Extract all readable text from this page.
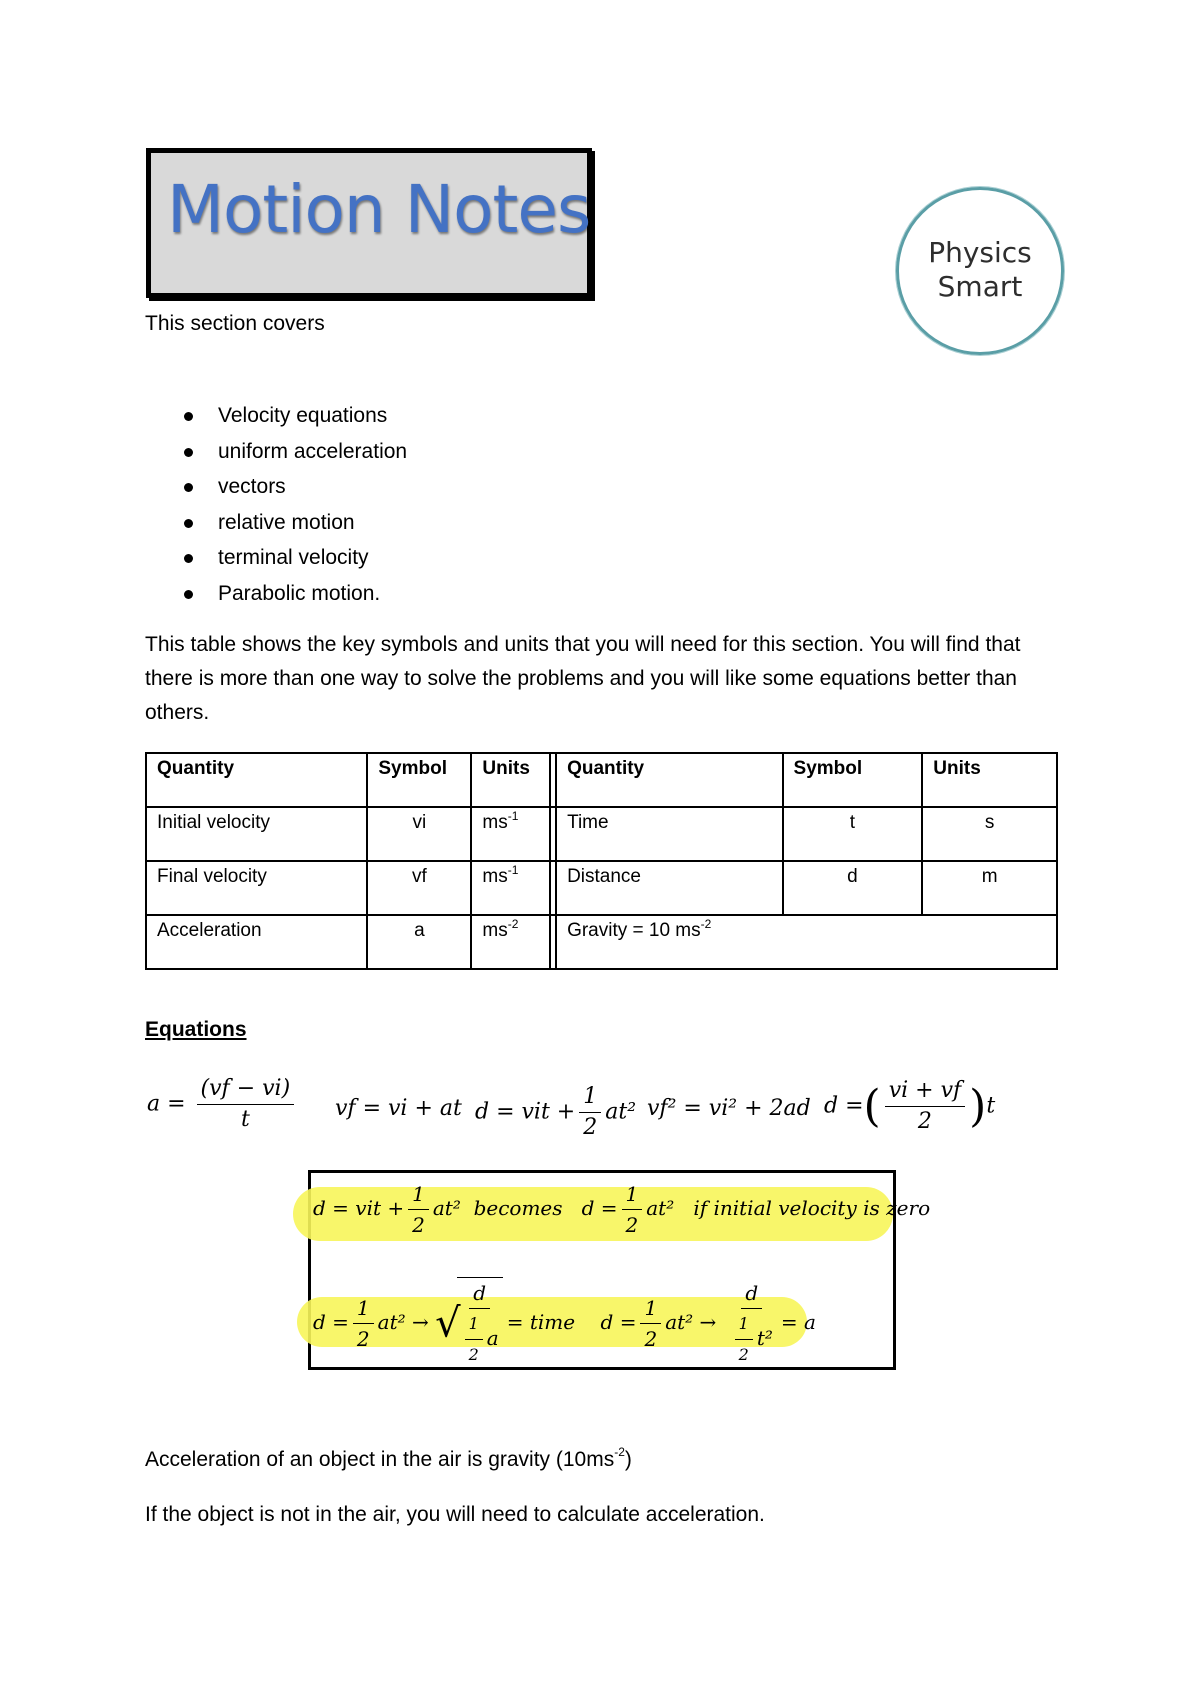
Motion Notes
Physics
Smart
This section covers
Velocity equations
uniform acceleration
vectors
relative motion
terminal velocity
Parabolic motion.
This table shows the key symbols and units that you will need for this section. You will find that there is more than one way to solve the problems and you will like some equations better than others.
Quantity	Symbol	Units		Quantity	Symbol	Units
Initial velocity	vi	$ms^{-1}$		Time	t	s
Final velocity	vf	$ms^{-1}$		Distance	d	m
Acceleration	a	$ms^{-2}$		Gravity = 10 $ms^{-2}$
Equations
$a = \frac{(vf - vi)}{t}$ vf = vi + at d = vit + $\frac{1}{2} at^2$ vf² = vi² + 2ad d =( $\frac{vi + vf}{2} )t$
d = vit + $\frac{1}{2} at^2$ becomes $d = \frac{1}{2} at^2$ if initial velocity is zero
$d = \frac{1}{2} at^2$ → √
$\frac{d}{\frac{1}{2} a}$ = time $d = \frac{1}{2} at^2 \to \frac{d}{\frac{1}{2} t^2} = a$
Acceleration of an object in the air is gravity $(10ms^{-2})$
If the object is not in the air, you will need to calculate acceleration.
